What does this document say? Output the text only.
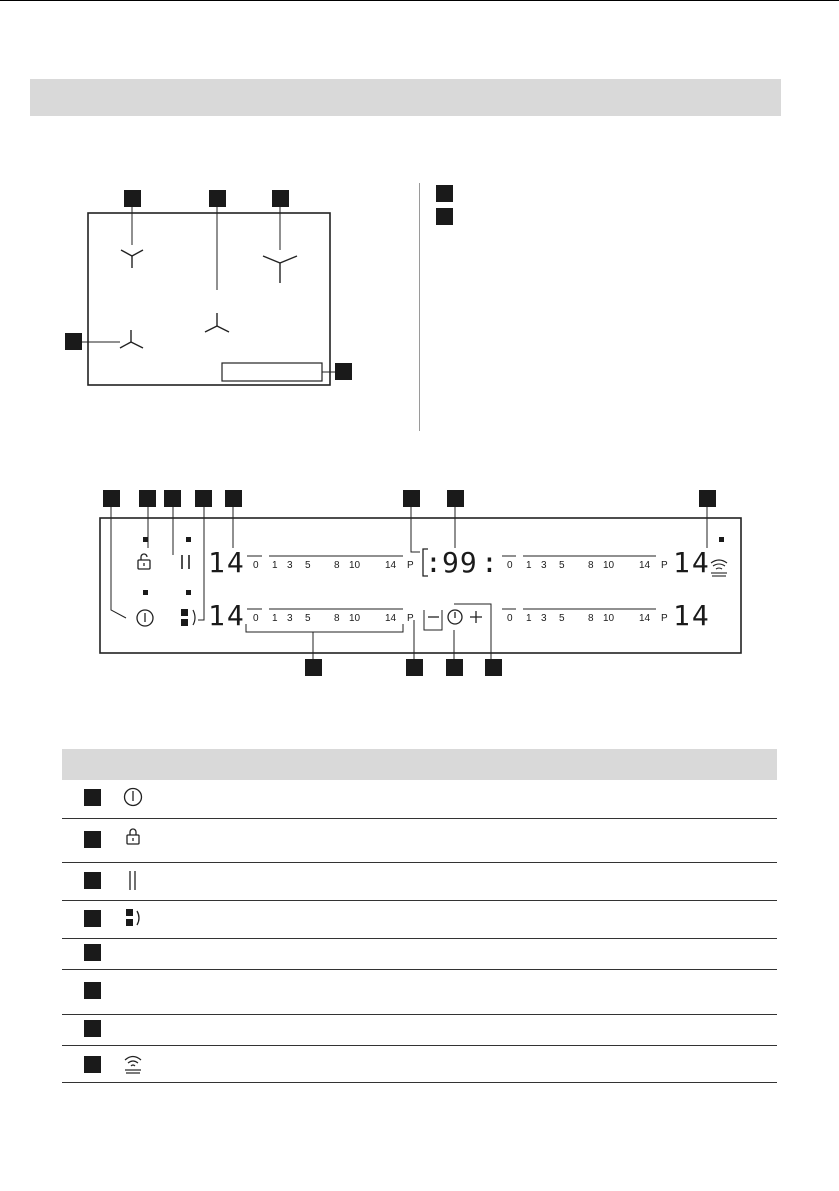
14
14
14
14
: 99 :
0 1 3 5 8 10 14 P
0 1 3 5 8 10 14 P
0 1 3 5 8 10 14 P
0 1 3 5 8 10 14 P
